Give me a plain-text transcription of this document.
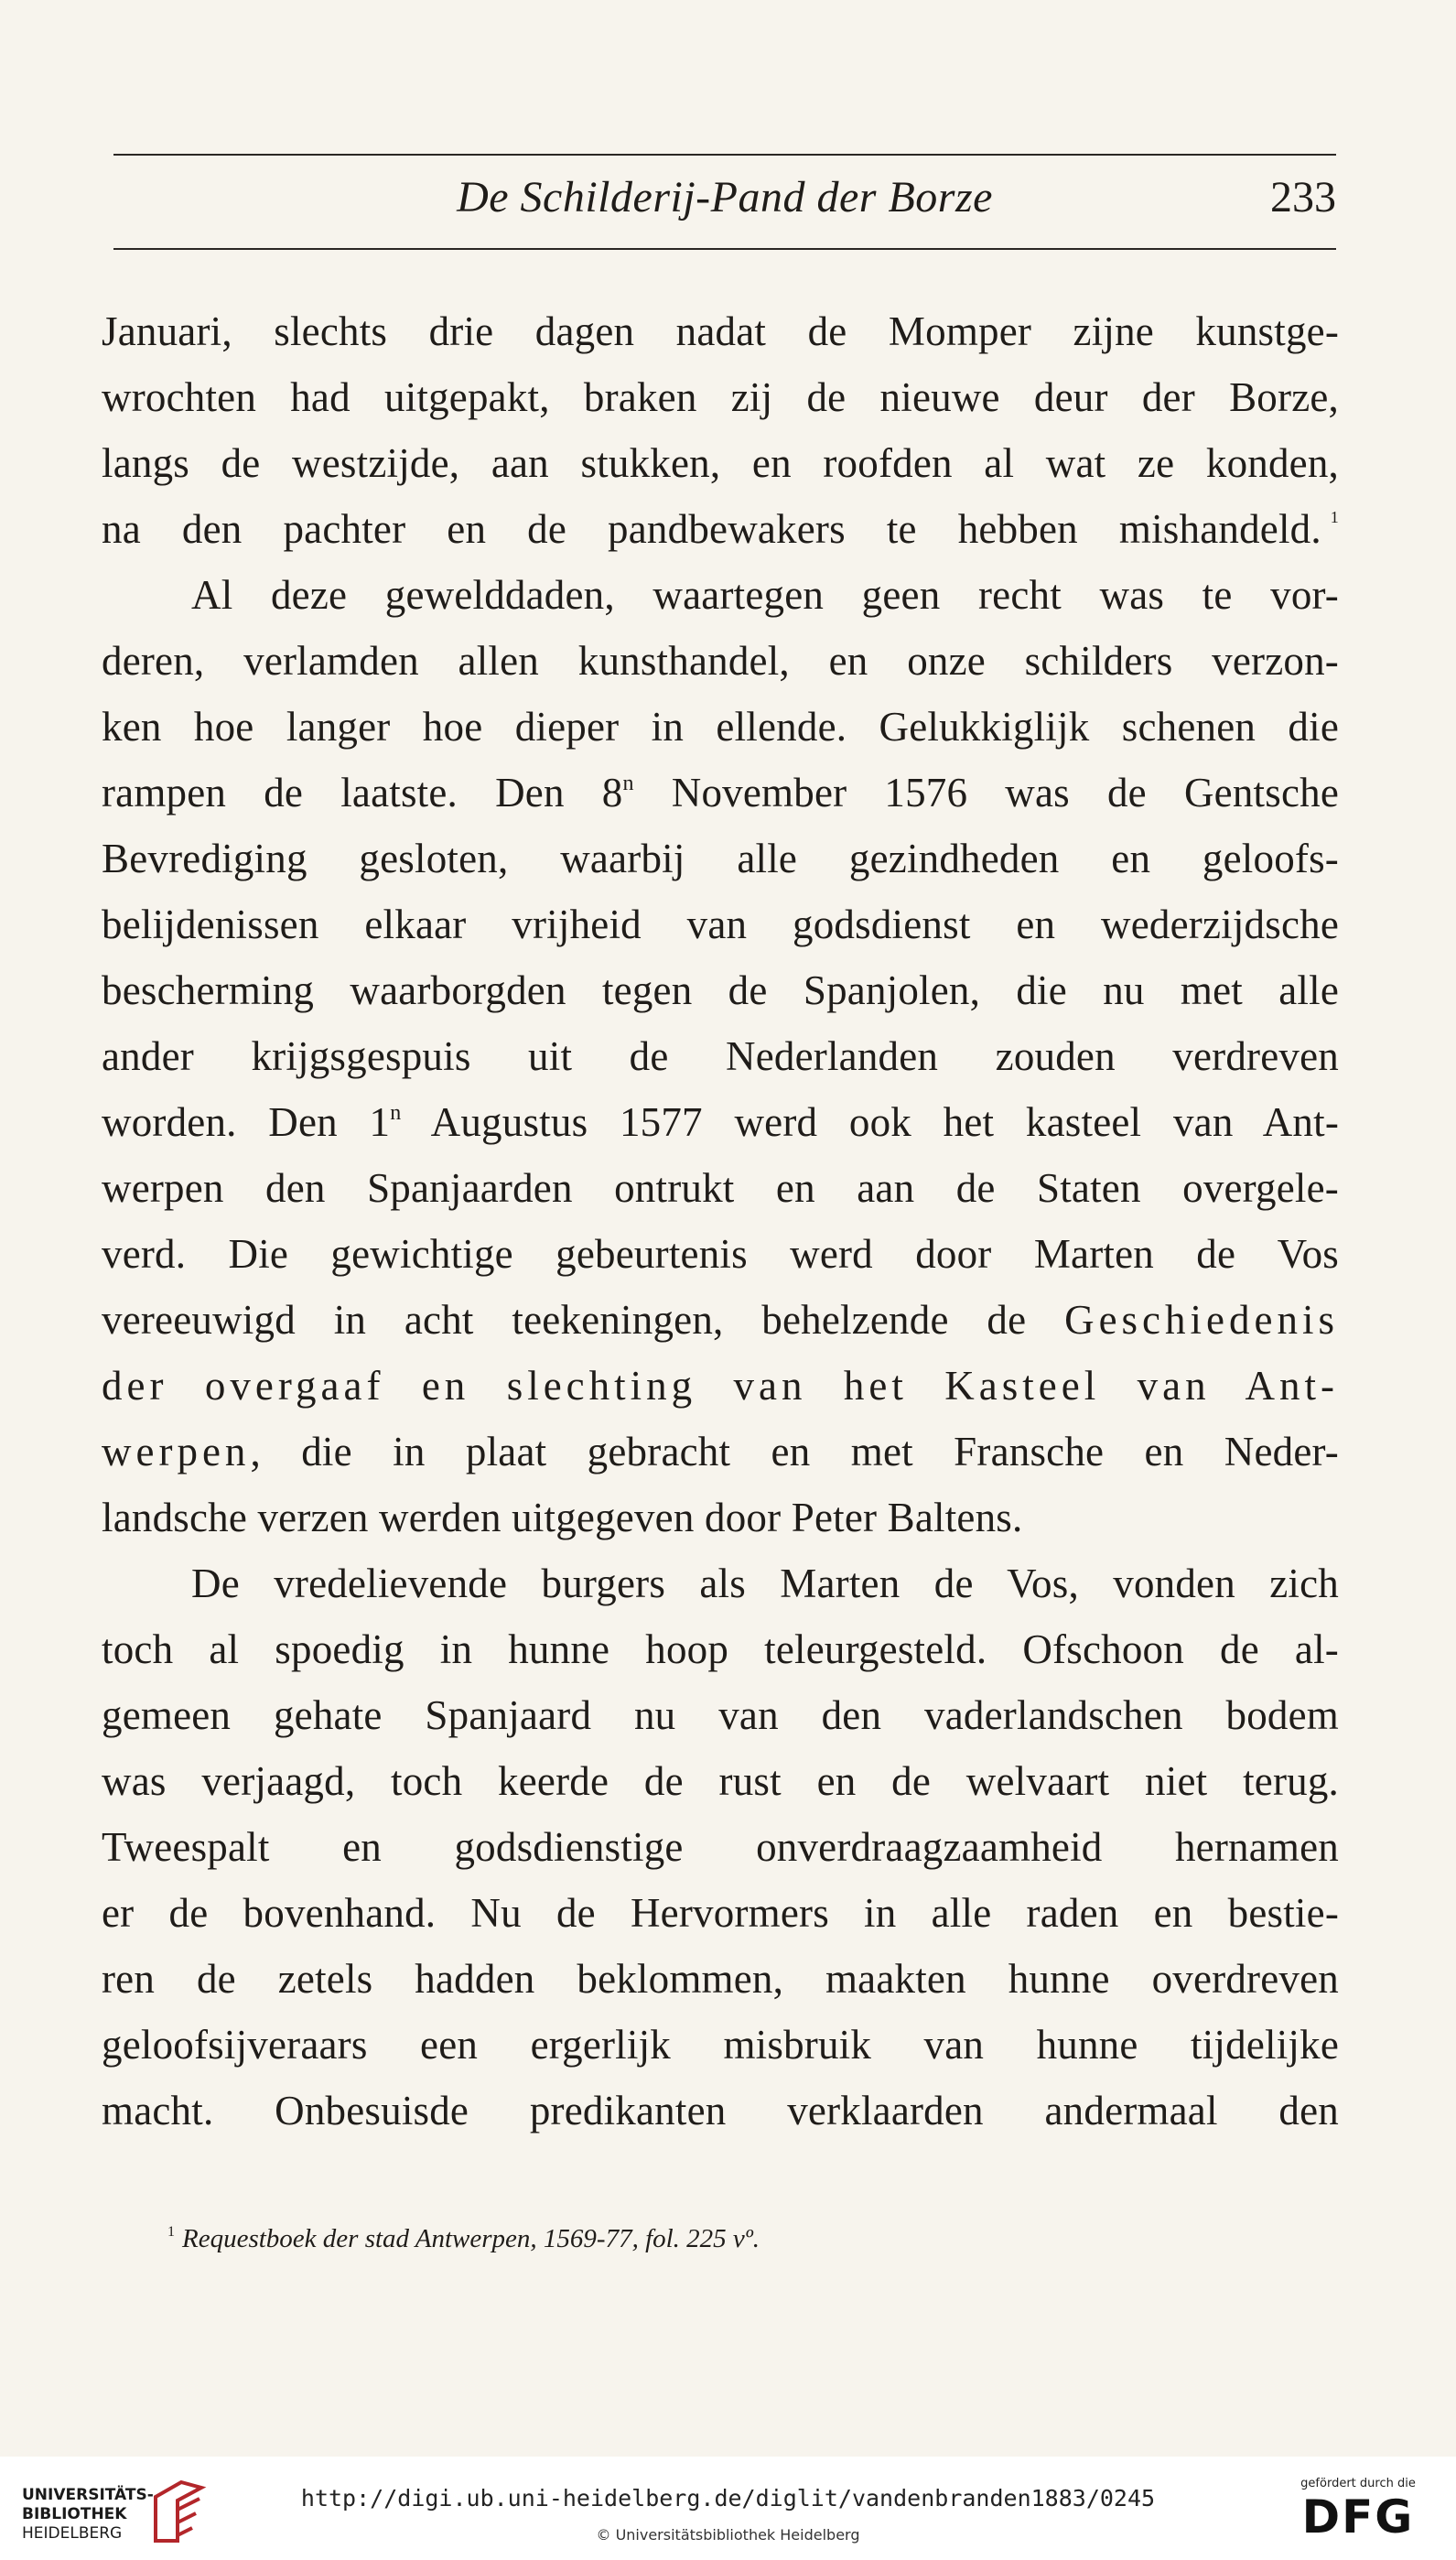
De Schilderij-Pand der Borze	233
Januari, slechts drie dagen nadat de Momper zijne kunstge-
wrochten had uitgepakt, braken zij de nieuwe deur der Borze,
langs de westzijde, aan stukken, en roofden al wat ze konden,
na den pachter en de pandbewakers te hebben mishandeld. $^1$
Al deze gewelddaden, waartegen geen recht was te vor-
deren, verlamden allen kunsthandel, en onze schilders verzon-
ken hoe langer hoe dieper in ellende. Gelukkiglijk schenen die
rampen de laatste. Den 8$^n$ November 1576 was de Gentsche
Bevrediging gesloten, waarbij alle gezindheden en geloofs-
belijdenissen elkaar vrijheid van godsdienst en wederzijdsche
bescherming waarborgden tegen de Spanjolen, die nu met alle
ander krijgsgespuis uit de Nederlanden zouden verdreven
worden. Den 1$^n$ Augustus 1577 werd ook het kasteel van Ant-
werpen den Spanjaarden ontrukt en aan de Staten overgele-
verd. Die gewichtige gebeurtenis werd door Marten de Vos
vereeuwigd in acht teekeningen, behelzende de Geschiedenis
der overgaaf en slechting van het Kasteel van Ant-
werpen, die in plaat gebracht en met Fransche en Neder-
landsche verzen werden uitgegeven door Peter Baltens.
De vredelievende burgers als Marten de Vos, vonden zich
toch al spoedig in hunne hoop teleurgesteld. Ofschoon de al-
gemeen gehate Spanjaard nu van den vaderlandschen bodem
was verjaagd, toch keerde de rust en de welvaart niet terug.
Tweespalt en godsdienstige onverdraagzaamheid hernamen
er de bovenhand. Nu de Hervormers in alle raden en bestie-
ren de zetels hadden beklommen, maakten hunne overdreven
geloofsijveraars een ergerlijk misbruik van hunne tijdelijke
macht. Onbesuisde predikanten verklaarden andermaal den
$^1$ Requestboek der stad Antwerpen, 1569-77, fol. 225 vº.
UNIVERSITÄTS-
BIBLIOTHEK
HEIDELBERG
http://digi.ub.uni-heidelberg.de/diglit/vandenbranden1883/0245
© Universitätsbibliothek Heidelberg
gefördert durch die
DFG
